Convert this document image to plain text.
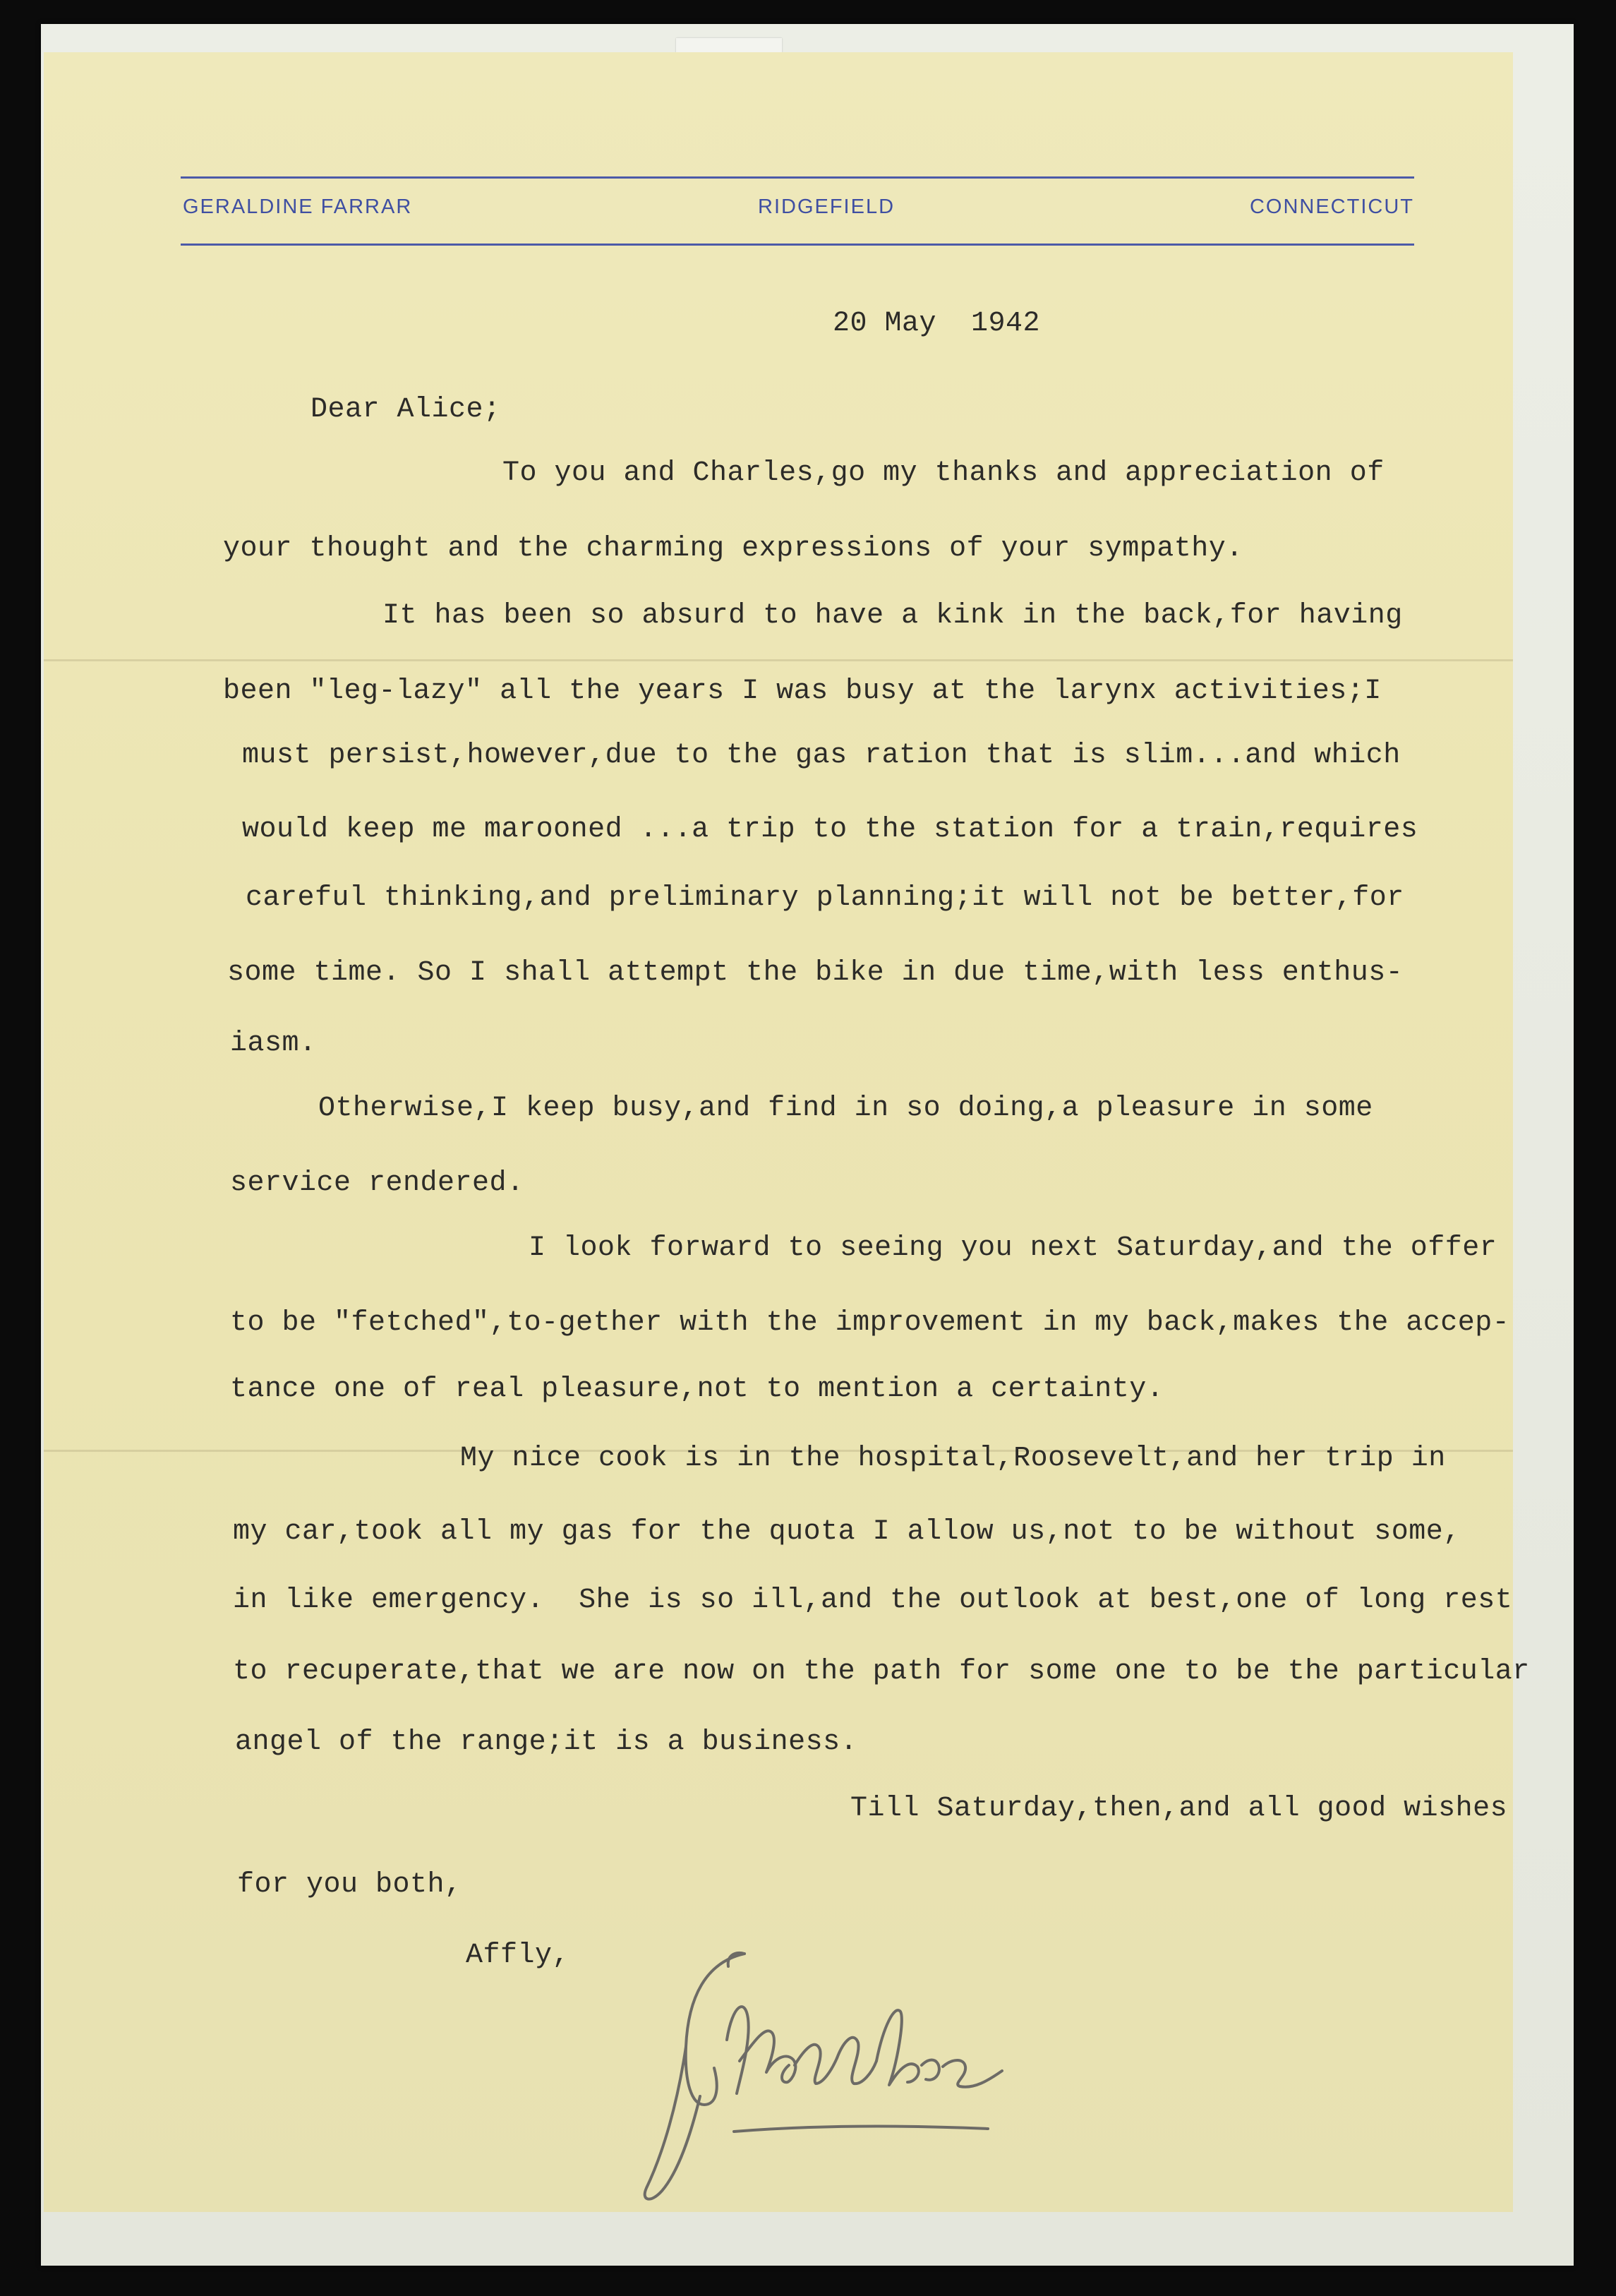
GERALDINE FARRAR	RIDGEFIELD	CONNECTICUT
20 May  1942
Dear Alice;
To you and Charles,go my thanks and appreciation of
your thought and the charming expressions of your sympathy.
It has been so absurd to have a kink in the back,for having
been "leg-lazy" all the years I was busy at the larynx activities;I
must persist,however,due to the gas ration that is slim...and which
would keep me marooned ...a trip to the station for a train,requires
careful thinking,and preliminary planning;it will not be better,for
some time. So I shall attempt the bike in due time,with less enthus-
iasm.
Otherwise,I keep busy,and find in so doing,a pleasure in some
service rendered.
I look forward to seeing you next Saturday,and the offer
to be "fetched",to-gether with the improvement in my back,makes the accep-
tance one of real pleasure,not to mention a certainty.
My nice cook is in the hospital,Roosevelt,and her trip in
my car,took all my gas for the quota I allow us,not to be without some,
in like emergency.  She is so ill,and the outlook at best,one of long rest
to recuperate,that we are now on the path for some one to be the particular
angel of the range;it is a business.
Till Saturday,then,and all good wishes
for you both,
Affly,
